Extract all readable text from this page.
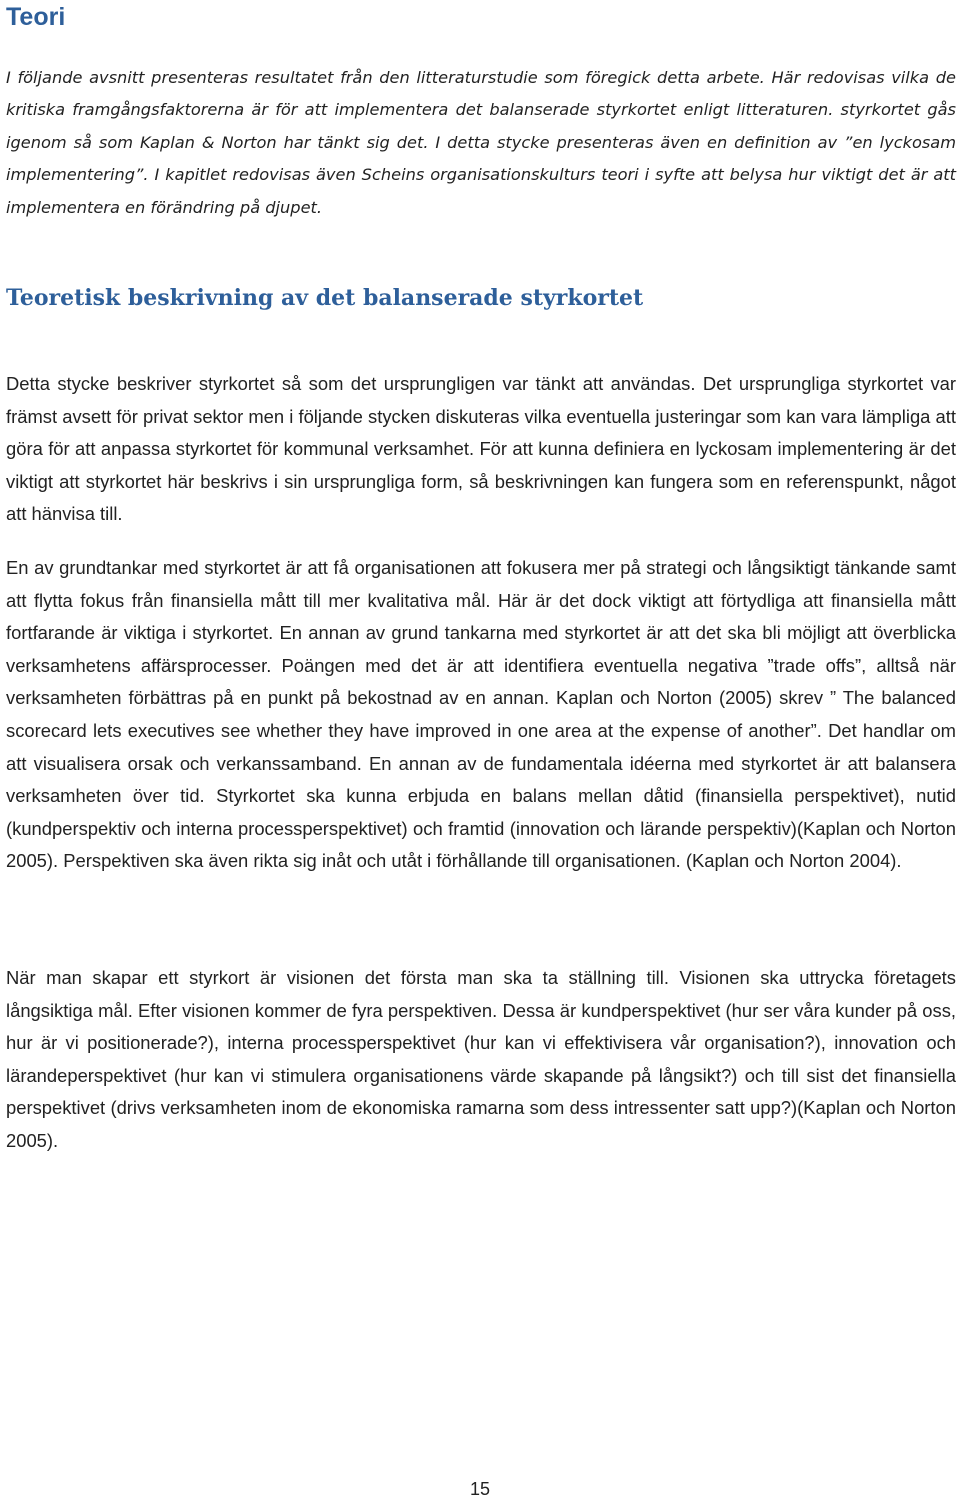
Teori

I följande avsnitt presenteras resultatet från den litteraturstudie som föregick detta arbete. Här redovisas vilka de kritiska framgångsfaktorerna är för att implementera det balanserade styrkortet enligt litteraturen. styrkortet gås igenom så som Kaplan & Norton har tänkt sig det. I detta stycke presenteras även en definition av ”en lyckosam implementering”. I kapitlet redovisas även Scheins organisationskulturs teori i syfte att belysa hur viktigt det är att implementera en förändring på djupet.

Teoretisk beskrivning av det balanserade styrkortet

Detta stycke beskriver styrkortet så som det ursprungligen var tänkt att användas. Det ursprungliga styrkortet var främst avsett för privat sektor men i följande stycken diskuteras vilka eventuella justeringar som kan vara lämpliga att göra för att anpassa styrkortet för kommunal verksamhet. För att kunna definiera en lyckosam implementering är det viktigt att styrkortet här beskrivs i sin ursprungliga form, så beskrivningen kan fungera som en referenspunkt, något att hänvisa till.

En av grundtankar med styrkortet är att få organisationen att fokusera mer på strategi och långsiktigt tänkande samt att flytta fokus från finansiella mått till mer kvalitativa mål. Här är det dock viktigt att förtydliga att finansiella mått fortfarande är viktiga i styrkortet. En annan av grund tankarna med styrkortet är att det ska bli möjligt att överblicka verksamhetens affärsprocesser. Poängen med det är att identifiera eventuella negativa ”trade offs”, alltså när verksamheten förbättras på en punkt på bekostnad av en annan. Kaplan och Norton (2005) skrev ” The balanced scorecard lets executives see whether they have improved in one area at the expense of another”. Det handlar om att visualisera orsak och verkanssamband. En annan av de fundamentala idéerna med styrkortet är att balansera verksamheten över tid. Styrkortet ska kunna erbjuda en balans mellan dåtid (finansiella perspektivet), nutid (kundperspektiv och interna processperspektivet) och framtid (innovation och lärande perspektiv)(Kaplan och Norton 2005). Perspektiven ska även rikta sig inåt och utåt i förhållande till organisationen. (Kaplan och Norton 2004).

När man skapar ett styrkort är visionen det första man ska ta ställning till. Visionen ska uttrycka företagets långsiktiga mål. Efter visionen kommer de fyra perspektiven. Dessa är kundperspektivet (hur ser våra kunder på oss, hur är vi positionerade?), interna processperspektivet (hur kan vi effektivisera vår organisation?), innovation och lärandeperspektivet (hur kan vi stimulera organisationens värde skapande på långsikt?) och till sist det finansiella perspektivet (drivs verksamheten inom de ekonomiska ramarna som dess intressenter satt upp?)(Kaplan och Norton 2005).

15
